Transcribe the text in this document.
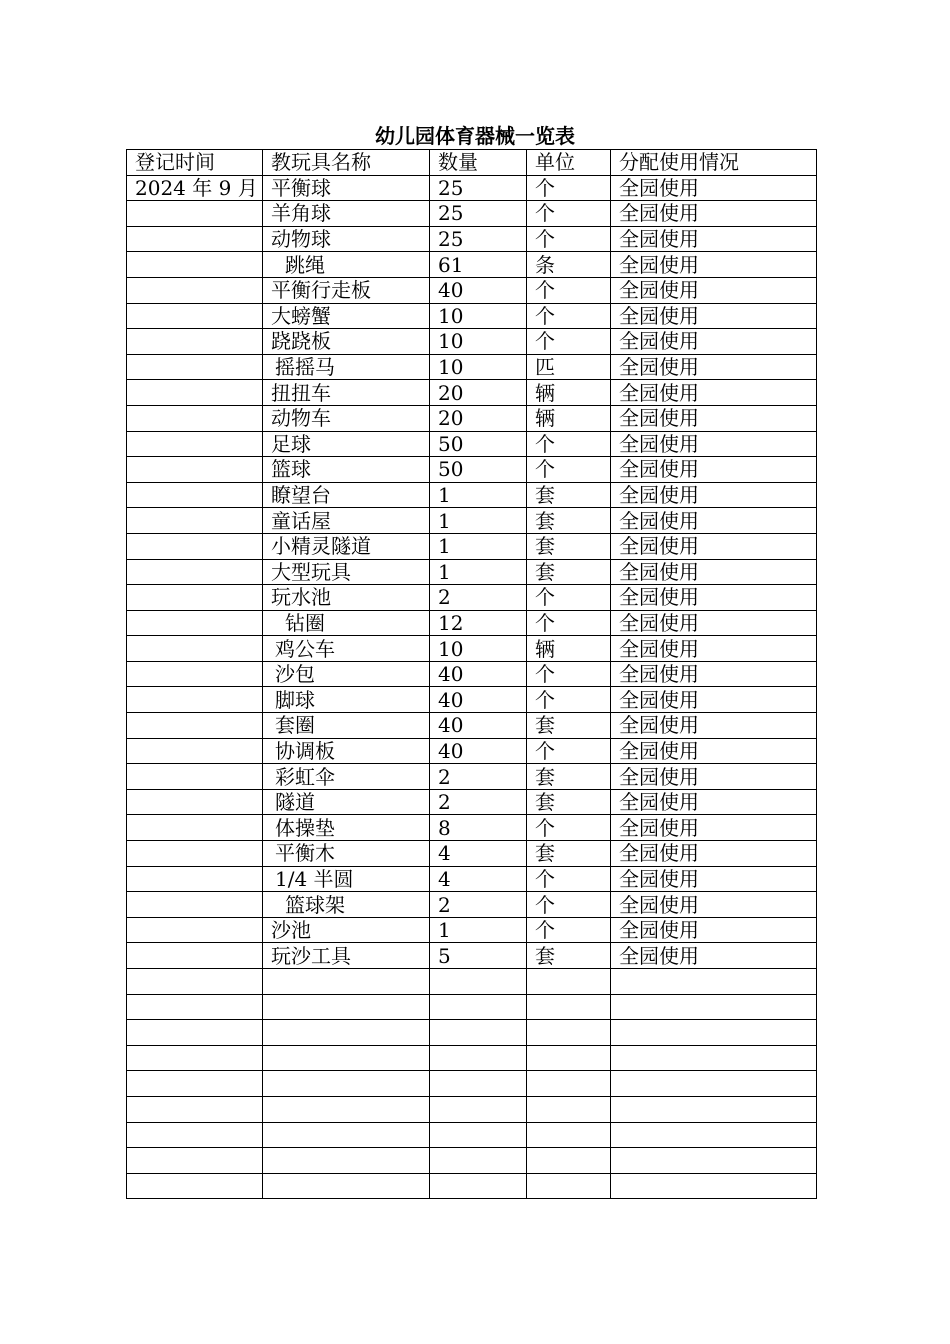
幼儿园体育器械一览表
登记时间	教玩具名称	数量	单位	分配使用情况
2024 年 9 月	平衡球	25	个	全园使用
	羊角球	25	个	全园使用
	动物球	25	个	全园使用
	跳绳	61	条	全园使用
	平衡行走板	40	个	全园使用
	大螃蟹	10	个	全园使用
	跷跷板	10	个	全园使用
	摇摇马	10	匹	全园使用
	扭扭车	20	辆	全园使用
	动物车	20	辆	全园使用
	足球	50	个	全园使用
	篮球	50	个	全园使用
	瞭望台	1	套	全园使用
	童话屋	1	套	全园使用
	小精灵隧道	1	套	全园使用
	大型玩具	1	套	全园使用
	玩水池	2	个	全园使用
	钻圈	12	个	全园使用
	鸡公车	10	辆	全园使用
	沙包	40	个	全园使用
	脚球	40	个	全园使用
	套圈	40	套	全园使用
	协调板	40	个	全园使用
	彩虹伞	2	套	全园使用
	隧道	2	套	全园使用
	体操垫	8	个	全园使用
	平衡木	4	套	全园使用
	1/4 半圆	4	个	全园使用
	篮球架	2	个	全园使用
	沙池	1	个	全园使用
	玩沙工具	5	套	全园使用
